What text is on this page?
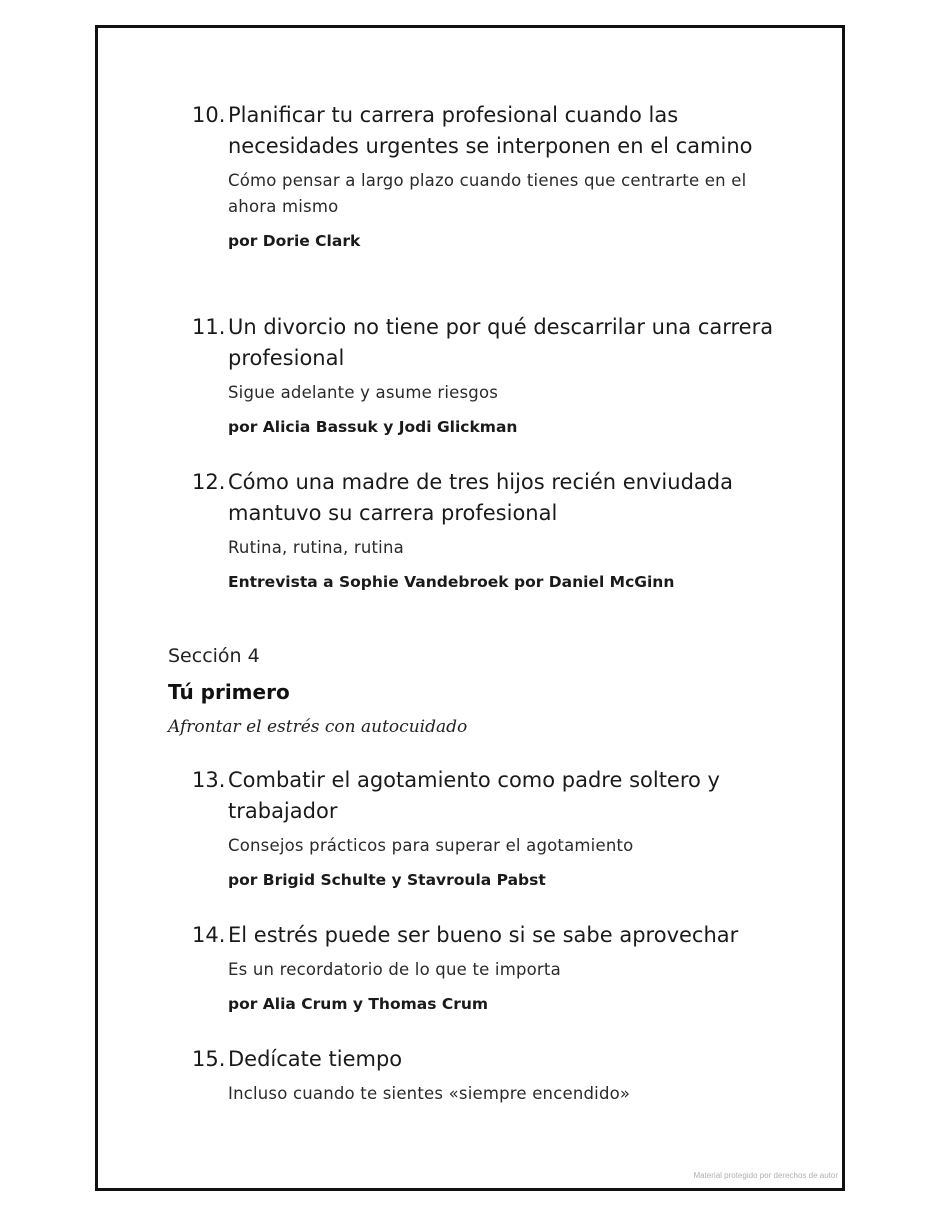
10. Planificar tu carrera profesional cuando las necesidades urgentes se interponen en el camino

Cómo pensar a largo plazo cuando tienes que centrarte en el ahora mismo

por Dorie Clark

11. Un divorcio no tiene por qué descarrilar una carrera profesional

Sigue adelante y asume riesgos

por Alicia Bassuk y Jodi Glickman

12. Cómo una madre de tres hijos recién enviudada mantuvo su carrera profesional

Rutina, rutina, rutina

Entrevista a Sophie Vandebroek por Daniel McGinn

Sección 4
Tú primero
Afrontar el estrés con autocuidado
13. Combatir el agotamiento como padre soltero y trabajador

Consejos prácticos para superar el agotamiento

por Brigid Schulte y Stavroula Pabst

14. El estrés puede ser bueno si se sabe aprovechar

Es un recordatorio de lo que te importa

por Alia Crum y Thomas Crum

15. Dedícate tiempo

Incluso cuando te sientes «siempre encendido»

Material protegido por derechos de autor
